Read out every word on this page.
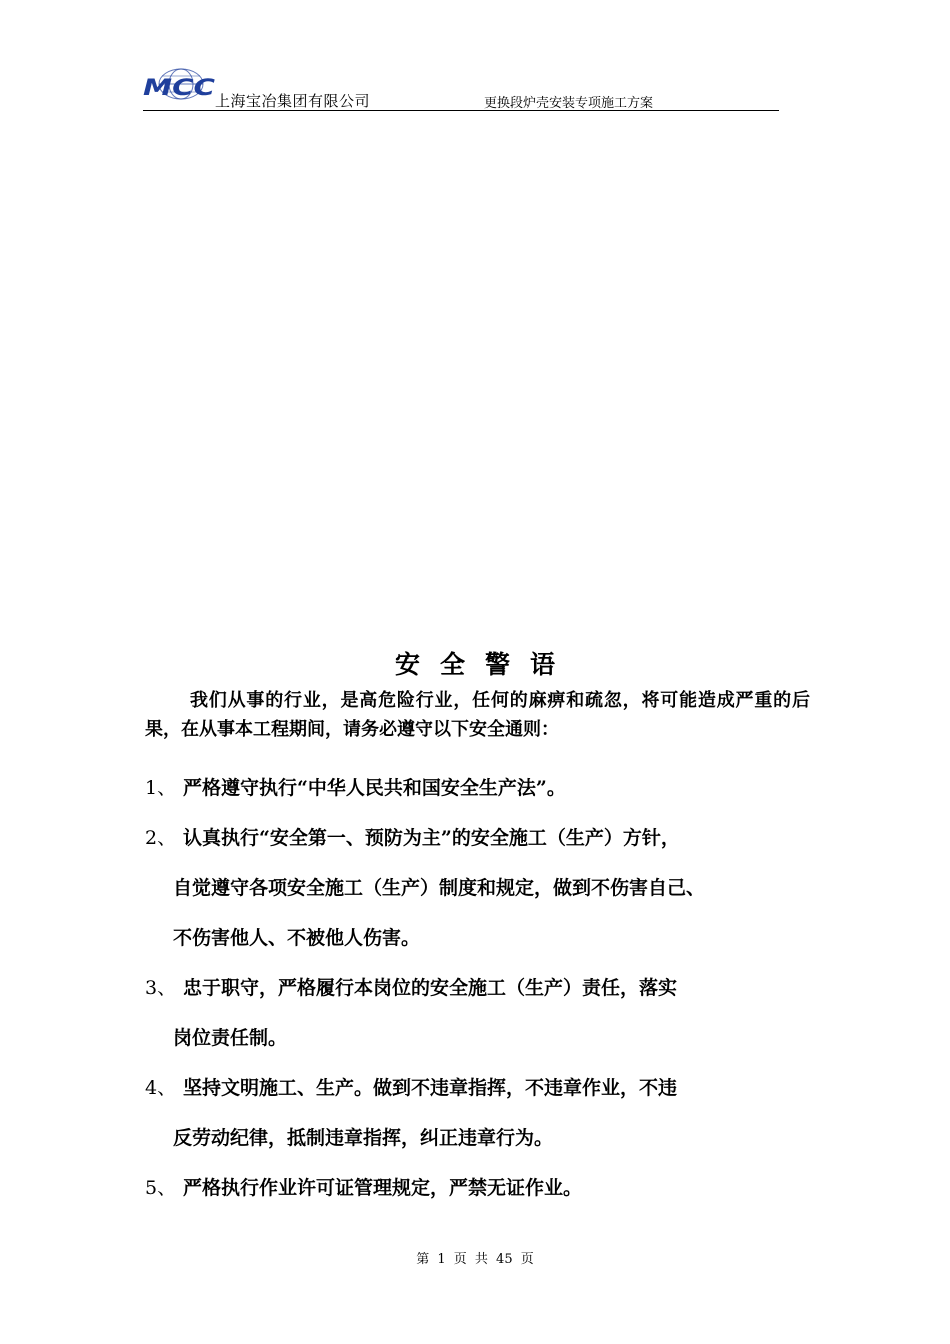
MCC 上海宝冶集团有限公司	更换段炉壳安装专项施工方案
安全警语

我们从事的行业，是高危险行业，任何的麻痹和疏忽，将可能造成严重的后果，在从事本工程期间，请务必遵守以下安全通则：

1、 严格遵守执行“中华人民共和国安全生产法”。
2、 认真执行“安全第一、预防为主”的安全施工（生产）方针，
自觉遵守各项安全施工（生产）制度和规定，做到不伤害自己、
不伤害他人、不被他人伤害。
3、 忠于职守，严格履行本岗位的安全施工（生产）责任，落实
岗位责任制。
4、 坚持文明施工、生产。做到不违章指挥，不违章作业，不违
反劳动纪律，抵制违章指挥，纠正违章行为。
5、 严格执行作业许可证管理规定，严禁无证作业。
第 1 页 共 45 页
